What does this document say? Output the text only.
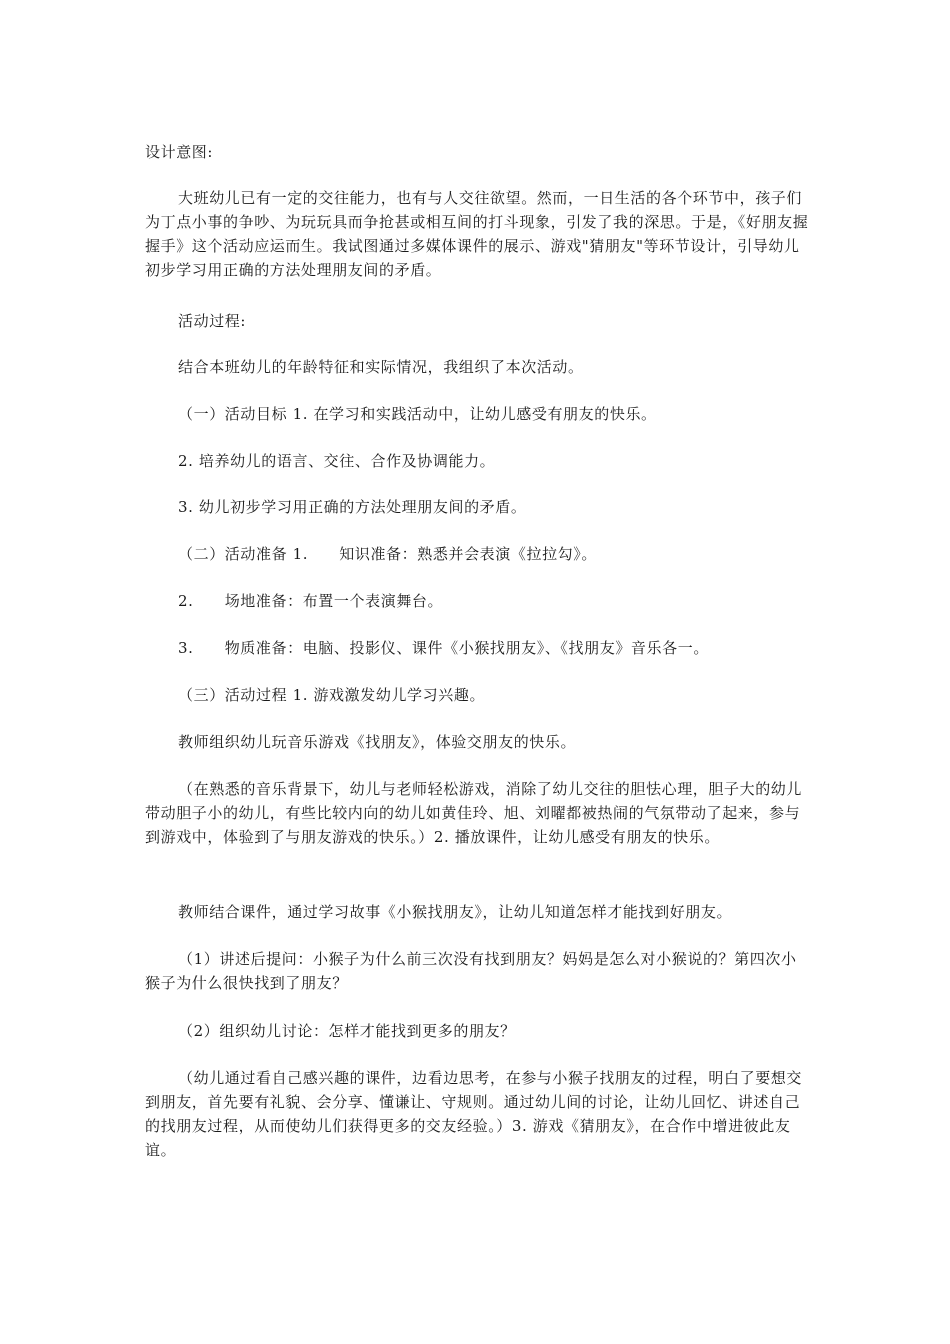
设计意图:

大班幼儿已有一定的交往能力，也有与人交往欲望。然而，一日生活的各个环节中，孩子们为丁点小事的争吵、为玩玩具而争抢甚或相互间的打斗现象，引发了我的深思。于是，《好朋友握握手》这个活动应运而生。我试图通过多媒体课件的展示、游戏"猜朋友"等环节设计，引导幼儿初步学习用正确的方法处理朋友间的矛盾。

活动过程:

结合本班幼儿的年龄特征和实际情况，我组织了本次活动。

（一）活动目标 1. 在学习和实践活动中，让幼儿感受有朋友的快乐。

2. 培养幼儿的语言、交往、合作及协调能力。

3. 幼儿初步学习用正确的方法处理朋友间的矛盾。

（二）活动准备 1.　　知识准备：熟悉并会表演《拉拉勾》。

2.　　场地准备：布置一个表演舞台。

3.　　物质准备：电脑、投影仪、课件《小猴找朋友》、《找朋友》音乐各一。

（三）活动过程 1. 游戏激发幼儿学习兴趣。

教师组织幼儿玩音乐游戏《找朋友》，体验交朋友的快乐。

（在熟悉的音乐背景下，幼儿与老师轻松游戏，消除了幼儿交往的胆怯心理，胆子大的幼儿带动胆子小的幼儿，有些比较内向的幼儿如黄佳玲、旭、刘曜都被热闹的气氛带动了起来，参与到游戏中，体验到了与朋友游戏的快乐。）2. 播放课件，让幼儿感受有朋友的快乐。

教师结合课件，通过学习故事《小猴找朋友》，让幼儿知道怎样才能找到好朋友。

（1）讲述后提问：小猴子为什么前三次没有找到朋友？妈妈是怎么对小猴说的？第四次小猴子为什么很快找到了朋友？

（2）组织幼儿讨论：怎样才能找到更多的朋友？

（幼儿通过看自己感兴趣的课件，边看边思考，在参与小猴子找朋友的过程，明白了要想交到朋友，首先要有礼貌、会分享、懂谦让、守规则。通过幼儿间的讨论，让幼儿回忆、讲述自己的找朋友过程，从而使幼儿们获得更多的交友经验。）3. 游戏《猜朋友》，在合作中增进彼此友谊。
